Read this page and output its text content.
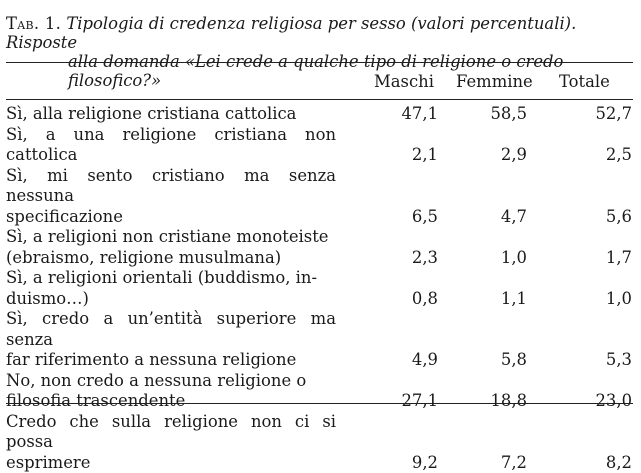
Tab. 1. Tipologia di credenza religiosa per sesso (valori percentuali). Risposte
alla domanda «Lei crede a qualche tipo di religione o credo filosofico?»	Maschi Femmine Totale
Sì, alla religione cristiana cattolica	47,1	58,5	52,7
Sì, a una religione cristiana non cattolica	2,1	2,9	2,5
Sì, mi sento cristiano ma senza nessuna
specificazione	6,5	4,7	5,6
Sì, a religioni non cristiane monoteiste
(ebraismo, religione musulmana)	2,3	1,0	1,7
Sì, a religioni orientali (buddismo, in-
duismo…)	0,8	1,1	1,0
Sì, credo a un’entità superiore ma senza
far riferimento a nessuna religione	4,9	5,8	5,3
No, non credo a nessuna religione o
filosofia trascendente	27,1	18,8	23,0
Credo che sulla religione non ci si possa
esprimere	9,2	7,2	8,2
